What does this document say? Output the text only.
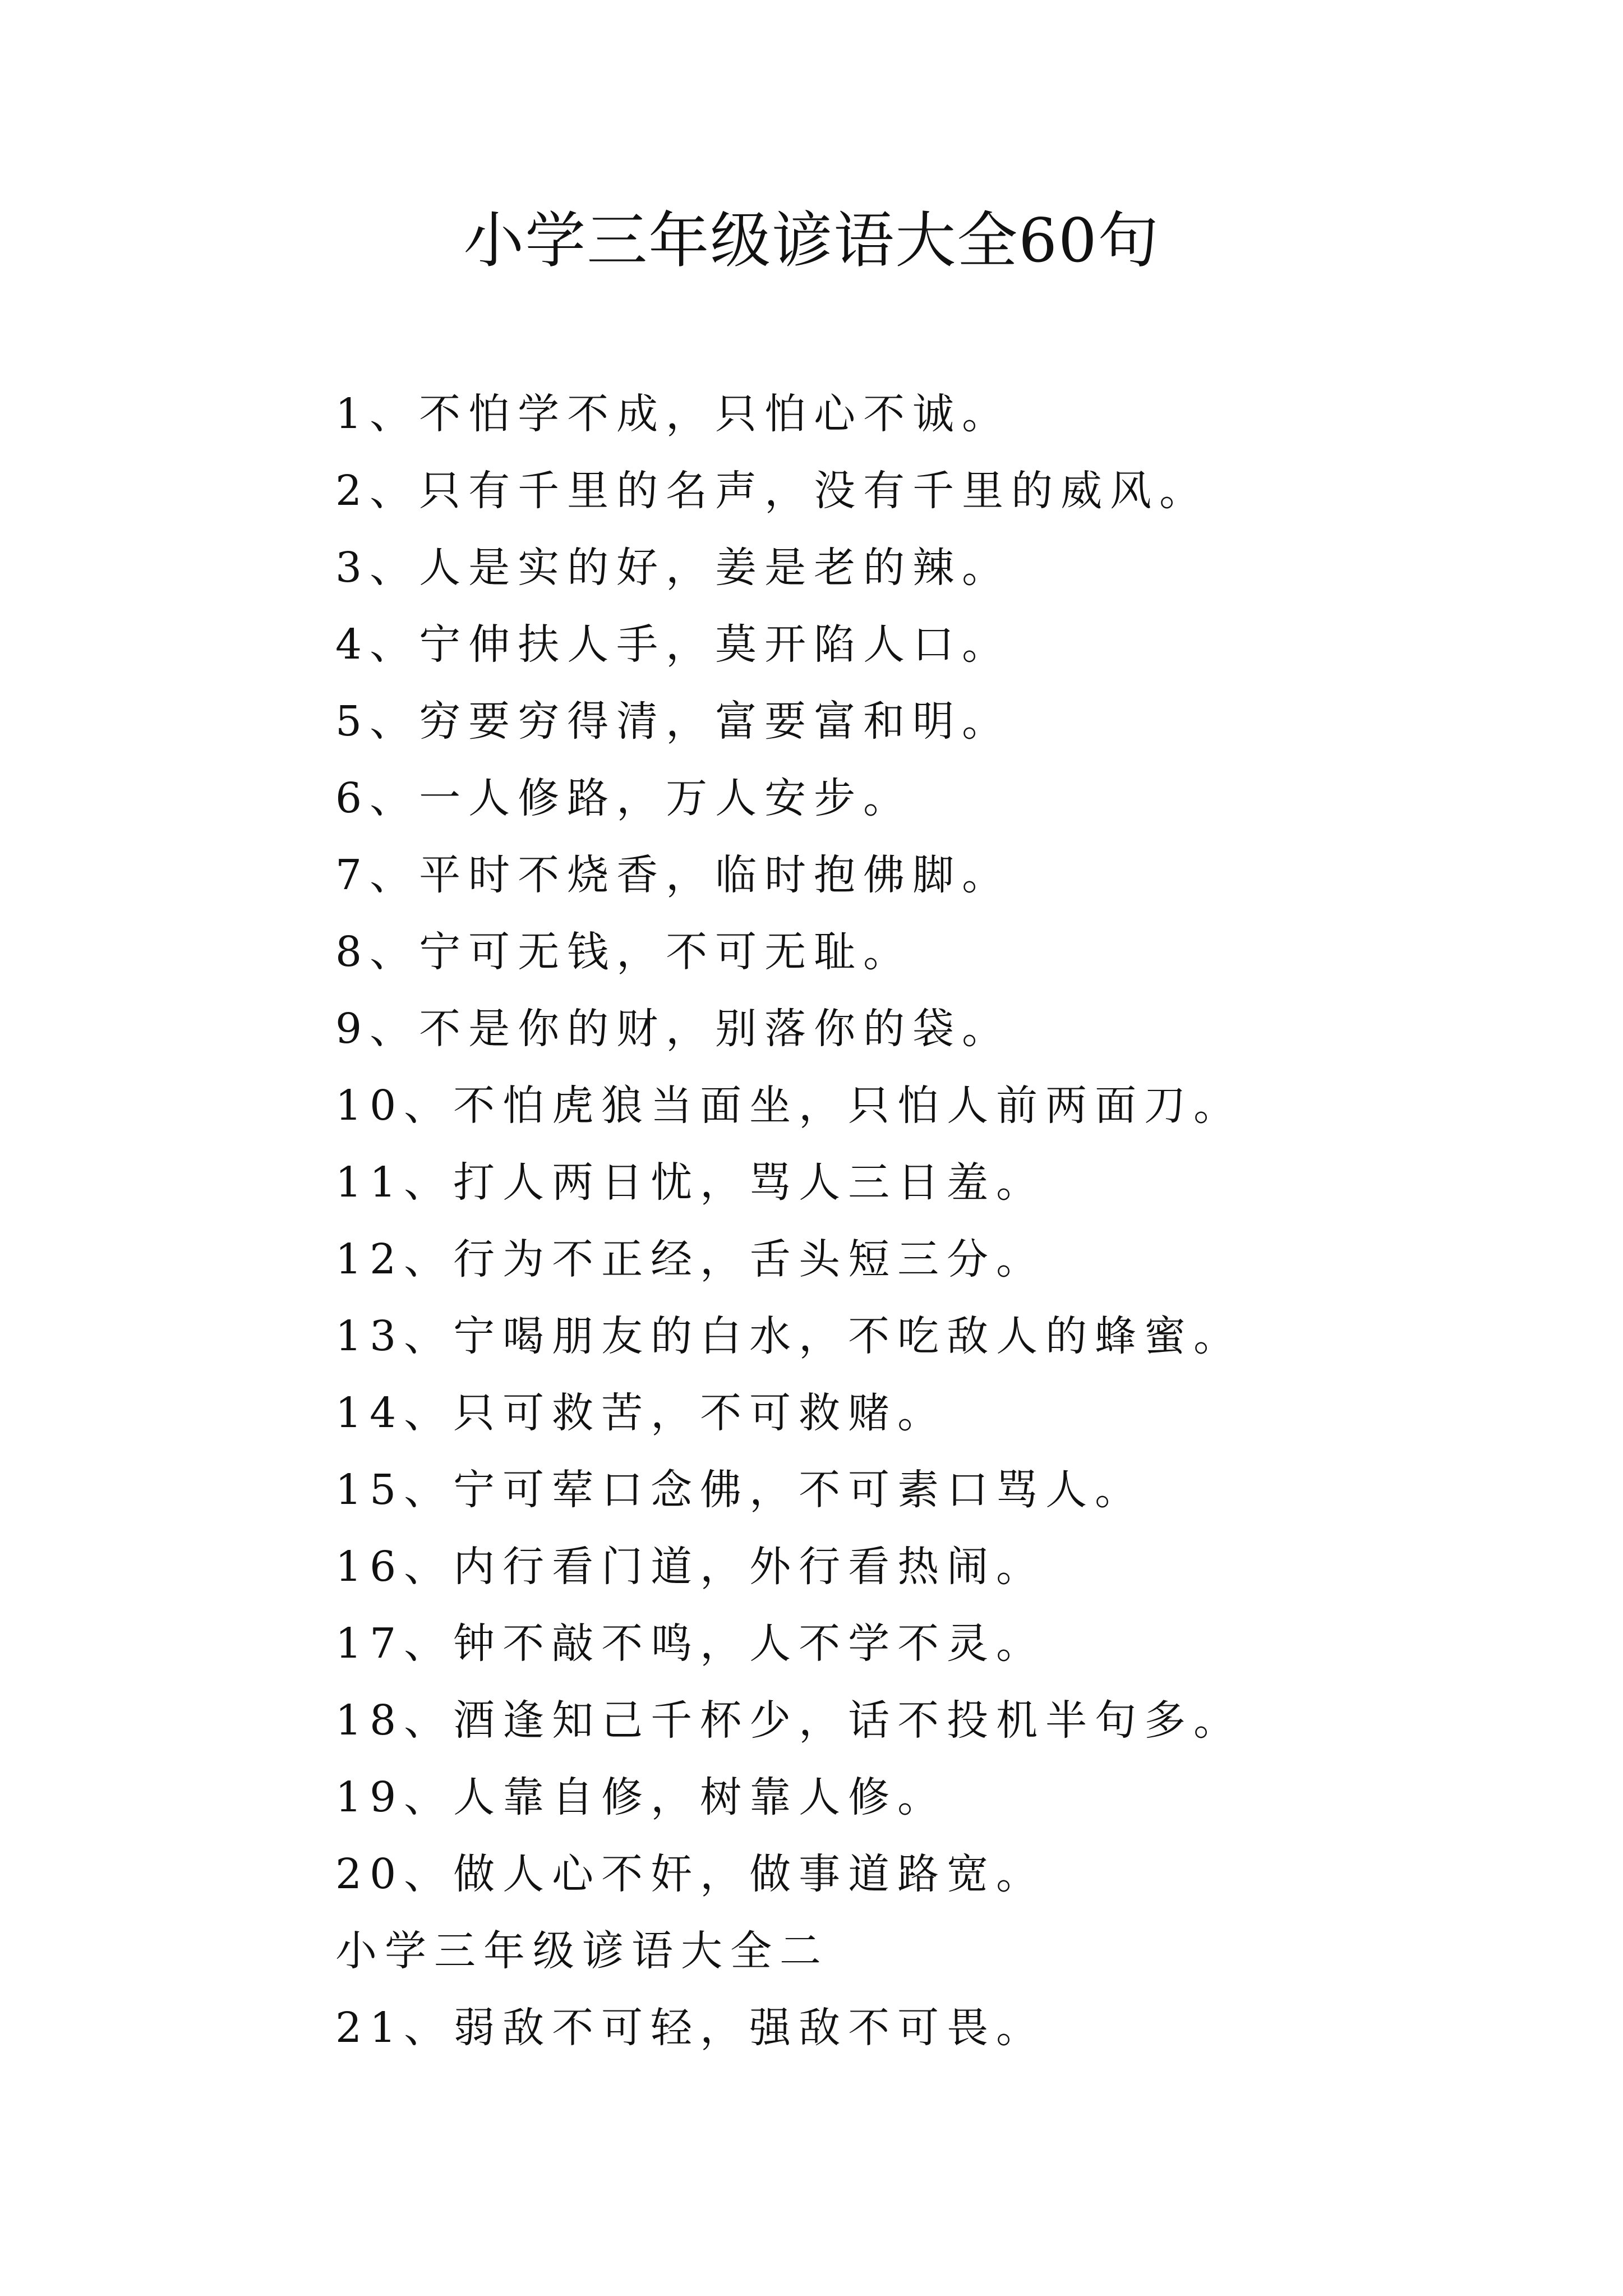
小学三年级谚语大全60句
1、不怕学不成，只怕心不诚。
2、只有千里的名声，没有千里的威风。
3、人是实的好，姜是老的辣。
4、宁伸扶人手，莫开陷人口。
5、穷要穷得清，富要富和明。
6、一人修路，万人安步。
7、平时不烧香，临时抱佛脚。
8、宁可无钱，不可无耻。
9、不是你的财，别落你的袋。
10、不怕虎狼当面坐，只怕人前两面刀。
11、打人两日忧，骂人三日羞。
12、行为不正经，舌头短三分。
13、宁喝朋友的白水，不吃敌人的蜂蜜。
14、只可救苦，不可救赌。
15、宁可荤口念佛，不可素口骂人。
16、内行看门道，外行看热闹。
17、钟不敲不鸣，人不学不灵。
18、酒逢知己千杯少，话不投机半句多。
19、人靠自修，树靠人修。
20、做人心不奸，做事道路宽。
小学三年级谚语大全二
21、弱敌不可轻，强敌不可畏。
